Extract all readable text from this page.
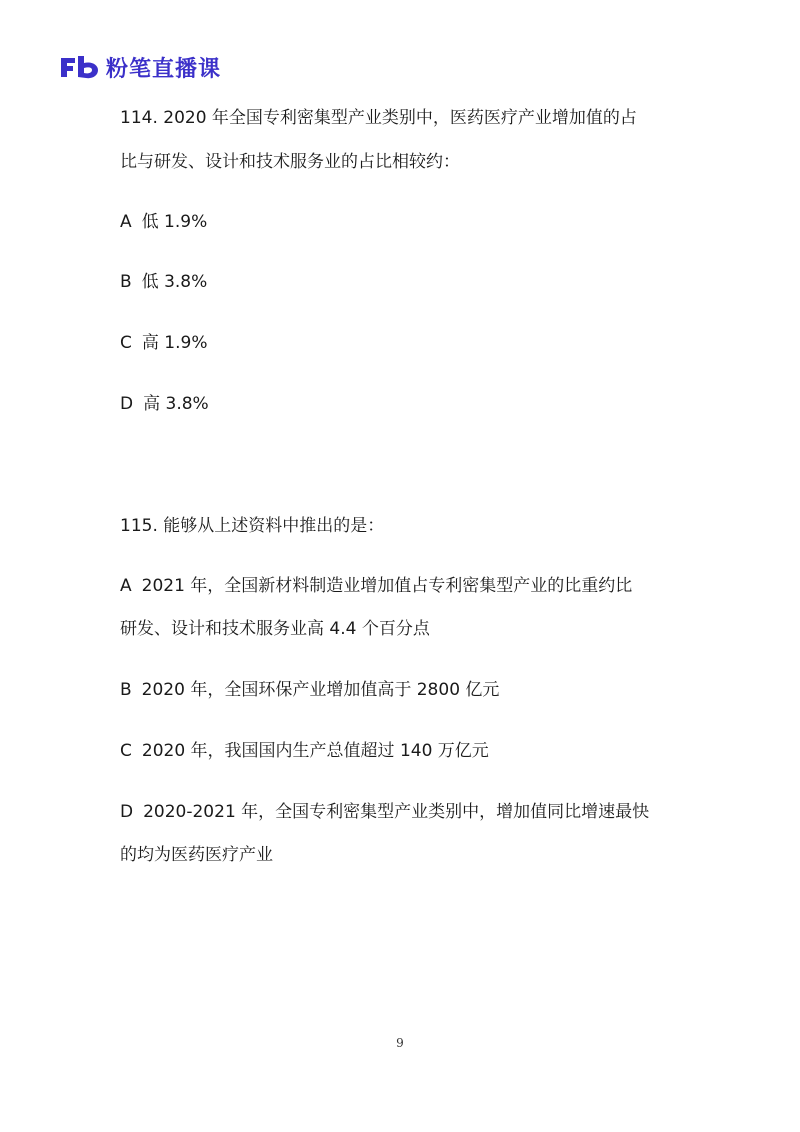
粉笔直播课
114. 2020 年全国专利密集型产业类别中，医药医疗产业增加值的占
比与研发、设计和技术服务业的占比相较约：
A 低 1.9%
B 低 3.8%
C 高 1.9%
D 高 3.8%
115. 能够从上述资料中推出的是：
A 2021 年，全国新材料制造业增加值占专利密集型产业的比重约比
研发、设计和技术服务业高 4.4 个百分点
B 2020 年，全国环保产业增加值高于 2800 亿元
C 2020 年，我国国内生产总值超过 140 万亿元
D 2020-2021 年，全国专利密集型产业类别中，增加值同比增速最快
的均为医药医疗产业
9
